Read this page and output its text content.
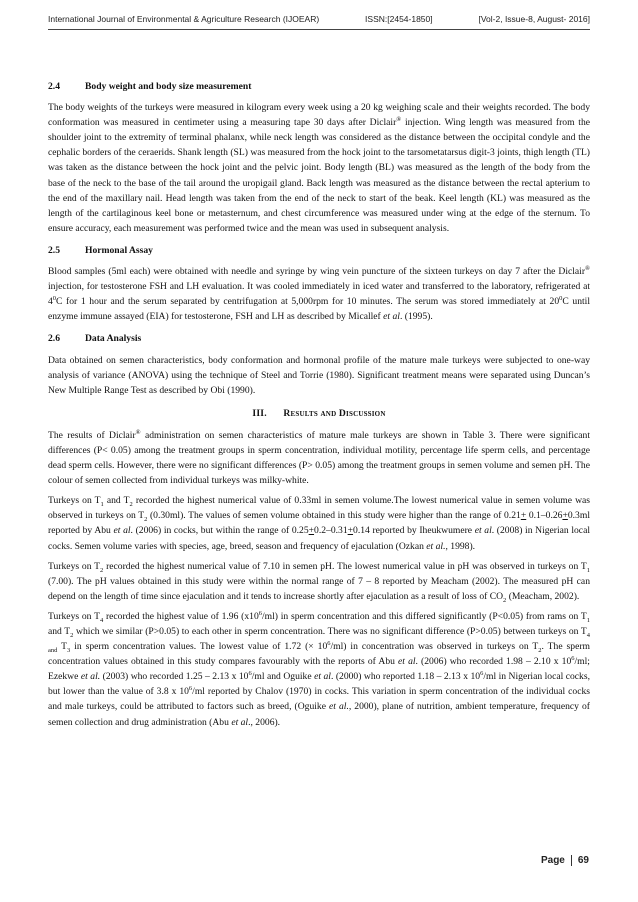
International Journal of Environmental & Agriculture Research (IJOEAR)	ISSN:[2454-1850]	[Vol-2, Issue-8, August- 2016]
2.4	Body weight and body size measurement

The body weights of the turkeys were measured in kilogram every week using a 20 kg weighing scale and their weights recorded. The body conformation was measured in centimeter using a measuring tape 30 days after Diclair® injection. Wing length was measured from the shoulder joint to the extremity of terminal phalanx, while neck length was considered as the distance between the occipital condyle and the cephalic borders of the ceraerids. Shank length (SL) was measured from the hock joint to the tarsometatarsus digit-3 joints, thigh length (TL) was taken as the distance between the hock joint and the pelvic joint. Body length (BL) was measured as the length of the body from the base of the neck to the base of the tail around the uropigail gland. Back length was measured as the distance between the rectal apterium to the end of the maxillary nail. Head length was taken from the end of the neck to start of the beak. Keel length (KL) was measured as the length of the cartilaginous keel bone or metasternum, and chest circumference was measured under wing at the edge of the sternum. To ensure accuracy, each measurement was performed twice and the mean was used in subsequent analysis.

2.5	Hormonal Assay

Blood samples (5ml each) were obtained with needle and syringe by wing vein puncture of the sixteen turkeys on day 7 after the Diclair® injection, for testosterone FSH and LH evaluation. It was cooled immediately in iced water and transferred to the laboratory, refrigerated at $4^0C$ for 1 hour and the serum separated by centrifugation at 5,000rpm for 10 minutes. The serum was stored immediately at $20^0C$ until enzyme immune assayed (EIA) for testosterone, FSH and LH as described by Micallef et al. (1995).

2.6	Data Analysis

Data obtained on semen characteristics, body conformation and hormonal profile of the mature male turkeys were subjected to one-way analysis of variance (ANOVA) using the technique of Steel and Torrie (1980). Significant treatment means were separated using Duncan’s New Multiple Range Test as described by Obi (1990).

III. Results and Discussion

The results of Diclair® administration on semen characteristics of mature male turkeys are shown in Table 3. There were significant differences (P< 0.05) among the treatment groups in sperm concentration, individual motility, percentage life sperm cells, and percentage dead sperm cells. However, there were no significant differences (P> 0.05) among the treatment groups in semen volume and semen pH. The colour of semen collected from individual turkeys was milky-white.

Turkeys on $T_1$ and $T_2$ recorded the highest numerical value of 0.33ml in semen volume.The lowest numerical value in semen volume was observed in turkeys on $T_2$ (0.30ml). The values of semen volume obtained in this study were higher than the range of 0.21+ 0.1–0.26+0.3ml reported by Abu et al. (2006) in cocks, but within the range of 0.25+0.2–0.31+0.14 reported by Iheukwumere et al. (2008) in Nigerian local cocks. Semen volume varies with species, age, breed, season and frequency of ejaculation (Ozkan et al., 1998).

Turkeys on $T_2$ recorded the highest numerical value of 7.10 in semen pH. The lowest numerical value in pH was observed in turkeys on $T_1$ (7.00). The pH values obtained in this study were within the normal range of 7 – 8 reported by Meacham (2002). The measured pH can depend on the length of time since ejaculation and it tends to increase shortly after ejaculation as a result of loss of $CO_2$ (Meacham, 2002).

Turkeys on $T_4$ recorded the highest value of 1.96 $(x10^6/ml)$ in sperm concentration and this differed significantly (P<0.05) from rams on $T_1$ and $T_2$ which we similar (P>0.05) to each other in sperm concentration. There was no significant difference (P>0.05) between turkeys on $T_{4 and}$ $T_3$ in sperm concentration values. The lowest value of 1.72 (× $10^6/ml$) in concentration was observed in turkeys on $T_2$. The sperm concentration values obtained in this study compares favourably with the reports of Abu et al. (2006) who recorded 1.98 – 2.10 x $10^6/ml$; Ezekwe et al. (2003) who recorded 1.25 – 2.13 x $10^6/ml$ and Oguike et al. (2000) who reported 1.18 – 2.13 x $10^6/ml$ in Nigerian local cocks, but lower than the value of 3.8 x $10^6/ml$ reported by Chalov (1970) in cocks. This variation in sperm concentration of the individual cocks and male turkeys, could be attributed to factors such as breed, (Oguike et al., 2000), plane of nutrition, ambient temperature, frequency of semen collection and drug administration (Abu et al., 2006).

Page 69
